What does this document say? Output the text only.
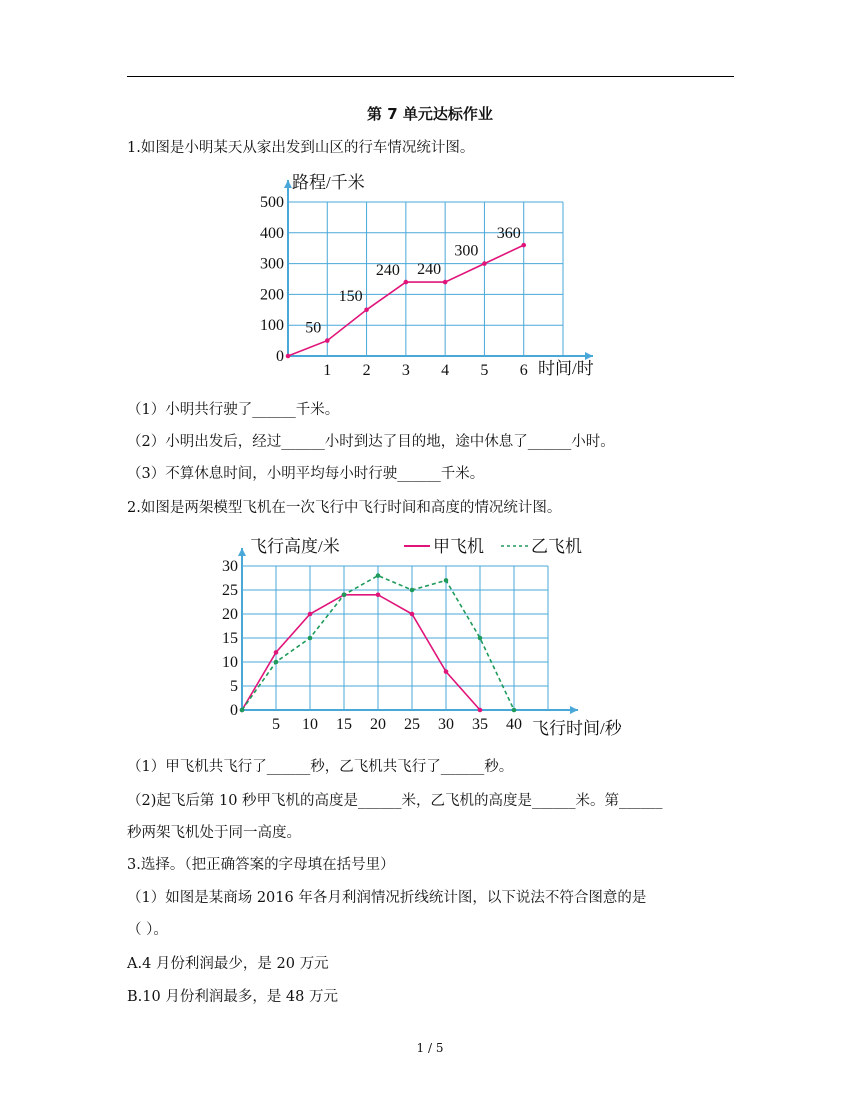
第 7 单元达标作业
1.如图是小明某天从家出发到山区的行车情况统计图。
0
100
200
300
400
500
1 2 3 4 5 6
路程/千米
时间/时
50
150
240 240
300
360
（1）小明共行驶了______千米。
（2）小明出发后，经过______小时到达了目的地，途中休息了______小时。
（3）不算休息时间，小明平均每小时行驶______千米。
2.如图是两架模型飞机在一次飞行中飞行时间和高度的情况统计图。
0
5
10
15
20
25
30
5 10 15 20 25 30 35 40
飞行高度/米
飞行时间/秒
甲飞机	乙飞机
（1）甲飞机共飞行了______秒，乙飞机共飞行了______秒。
（2)起飞后第 10 秒甲飞机的高度是______米，乙飞机的高度是______米。第______
秒两架飞机处于同一高度。
3.选择。（把正确答案的字母填在括号里）
（1）如图是某商场 2016 年各月利润情况折线统计图，以下说法不符合图意的是
（ ）。
A.4 月份利润最少，是 20 万元
B.10 月份利润最多，是 48 万元
1 / 5
